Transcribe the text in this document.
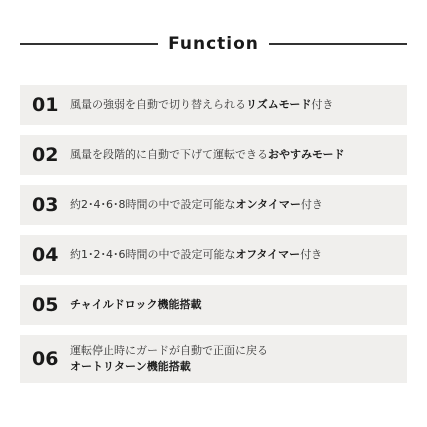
Function
01	風量の強弱を自動で切り替えられるリズムモード付き
02	風量を段階的に自動で下げて運転できるおやすみモード
03	約2･4･6･8時間の中で設定可能なオンタイマー付き
04	約1･2･4･6時間の中で設定可能なオフタイマー付き
05	チャイルドロック機能搭載
06	運転停止時にガードが自動で正面に戻る
オートリターン機能搭載
